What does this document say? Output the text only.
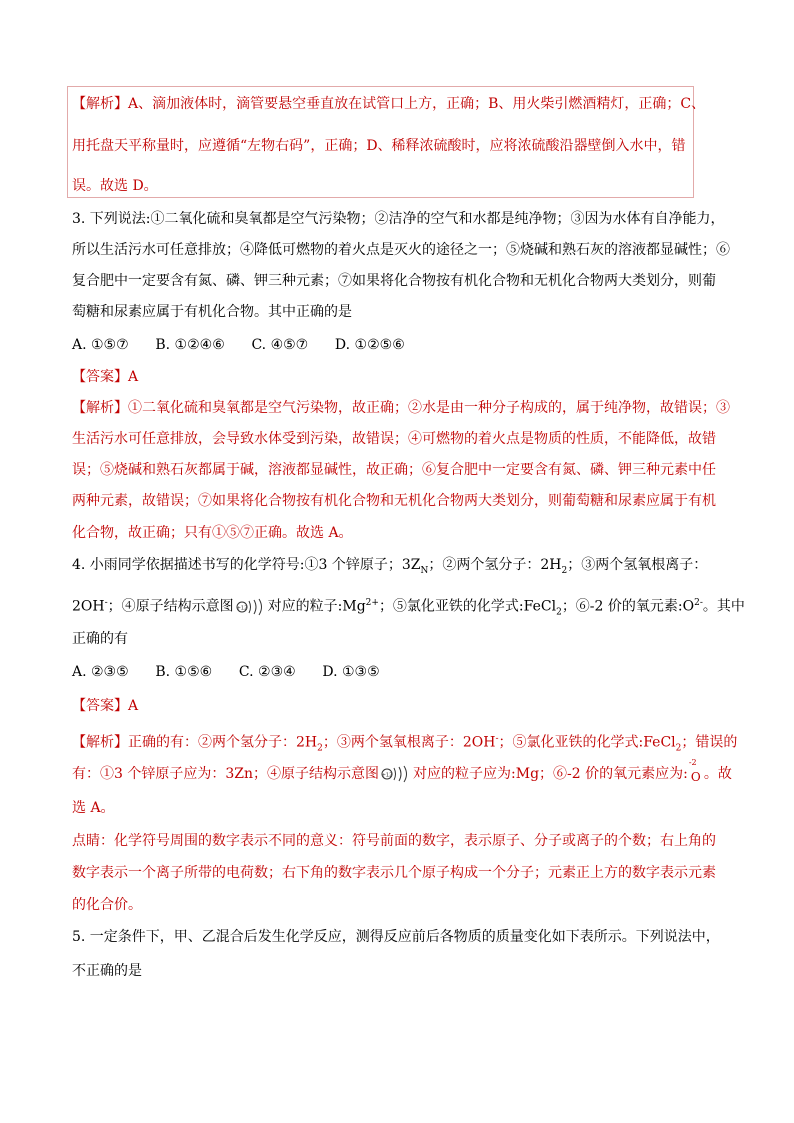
【解析】A、滴加液体时，滴管要悬空垂直放在试管口上方，正确；B、用火柴引燃酒精灯，正确；C、
用托盘天平称量时，应遵循“左物右码”，正确；D、稀释浓硫酸时，应将浓硫酸沿器壁倒入水中，错
误。故选 D。
3. 下列说法:①二氧化硫和臭氧都是空气污染物；②洁净的空气和水都是纯净物；③因为水体有自净能力，
所以生活污水可任意排放；④降低可燃物的着火点是灭火的途径之一；⑤烧碱和熟石灰的溶液都显碱性；⑥
复合肥中一定要含有氮、磷、钾三种元素；⑦如果将化合物按有机化合物和无机化合物两大类划分，则葡
萄糖和尿素应属于有机化合物。其中正确的是
A. ①⑤⑦      B. ①②④⑥      C. ④⑤⑦      D. ①②⑤⑥
【答案】A
【解析】①二氧化硫和臭氧都是空气污染物，故正确；②水是由一种分子构成的，属于纯净物，故错误；③
生活污水可任意排放，会导致水体受到污染，故错误；④可燃物的着火点是物质的性质，不能降低，故错
误；⑤烧碱和熟石灰都属于碱，溶液都显碱性，故正确；⑥复合肥中一定要含有氮、磷、钾三种元素中任
两种元素，故错误；⑦如果将化合物按有机化合物和无机化合物两大类划分，则葡萄糖和尿素应属于有机
化合物，故正确；只有①⑤⑦正确。故选 A。
4. 小雨同学依据描述书写的化学符号:①3 个锌原子；$3Z_N$；②两个氢分子：$2H_2$；③两个氢氧根离子：
2OH-；④原子结构示意图 +12 对应的粒子$:Mg^{2+}$；⑤氯化亚铁的化学式:FeCl$_2$；⑥-2 价的氧元素$:O^{2-}$。其中
正确的有
A. ②③⑤      B. ①⑤⑥      C. ②③④      D. ①③⑤
【答案】A
【解析】正确的有：②两个氢分子：$2H_2$；③两个氢氧根离子：2OH-；⑤氯化亚铁的化学式:FeCl$_2$；错误的
有：①3 个锌原子应为：3Zn；④原子结构示意图 +12 对应的粒子应为:Mg；⑥-2 价的氧元素应为:
-2
O 。故
选 A。
点睛：化学符号周围的数字表示不同的意义：符号前面的数字，表示原子、分子或离子的个数；右上角的
数字表示一个离子所带的电荷数；右下角的数字表示几个原子构成一个分子；元素正上方的数字表示元素
的化合价。
5. 一定条件下，甲、乙混合后发生化学反应，测得反应前后各物质的质量变化如下表所示。下列说法中，
不正确的是
